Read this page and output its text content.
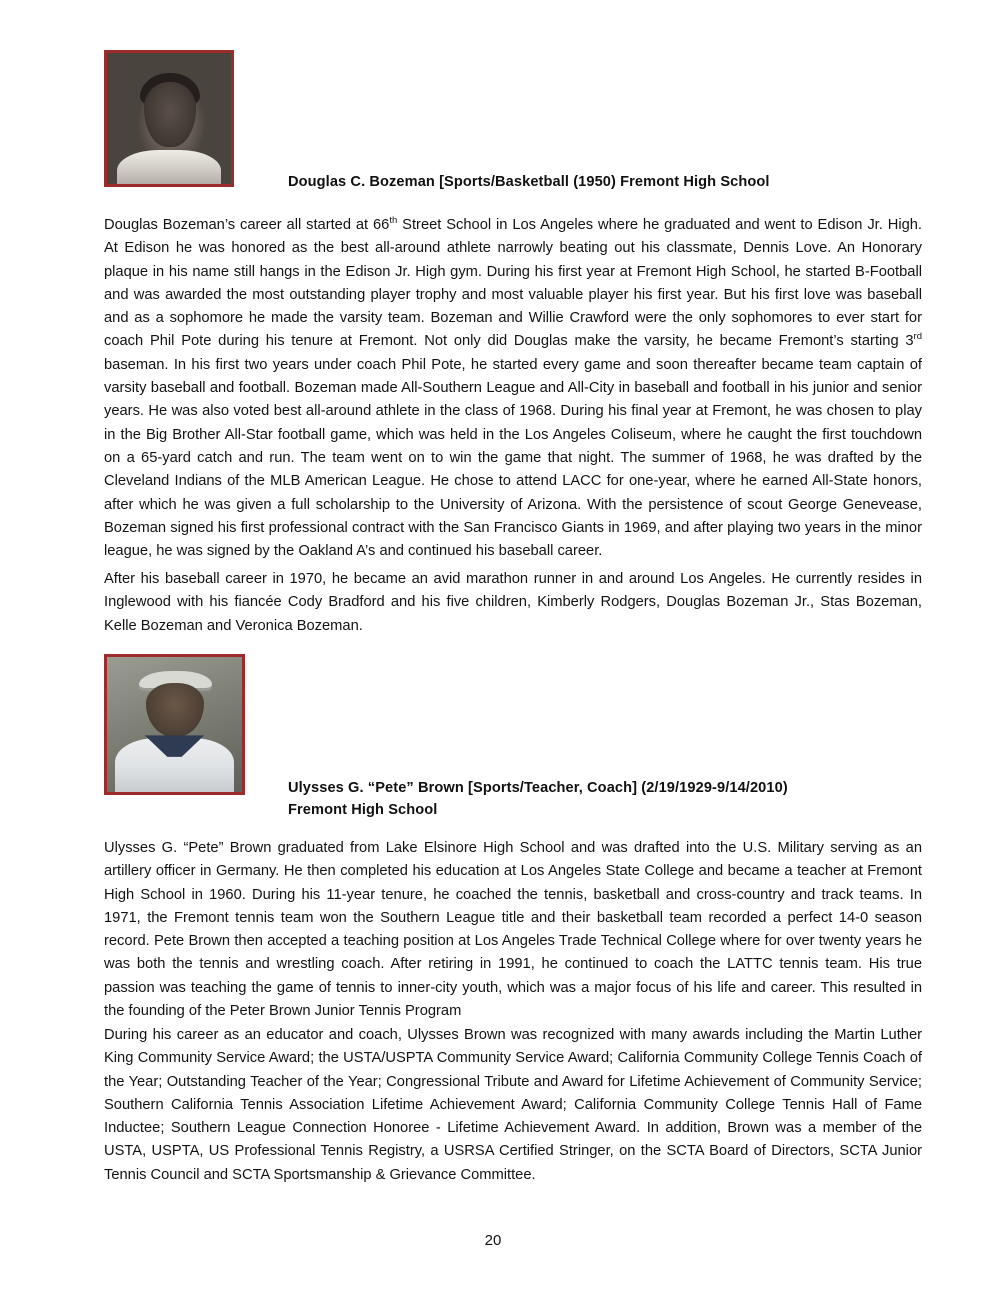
Douglas C. Bozeman [Sports/Basketball (1950) Fremont High School
Douglas Bozeman’s career all started at 66th Street School in Los Angeles where he graduated and went to Edison Jr. High. At Edison he was honored as the best all-around athlete narrowly beating out his classmate, Dennis Love. An Honorary plaque in his name still hangs in the Edison Jr. High gym. During his first year at Fremont High School, he started B-Football and was awarded the most outstanding player trophy and most valuable player his first year. But his first love was baseball and as a sophomore he made the varsity team. Bozeman and Willie Crawford were the only sophomores to ever start for coach Phil Pote during his tenure at Fremont. Not only did Douglas make the varsity, he became Fremont’s starting 3rd baseman. In his first two years under coach Phil Pote, he started every game and soon thereafter became team captain of varsity baseball and football. Bozeman made All-Southern League and All-City in baseball and football in his junior and senior years. He was also voted best all-around athlete in the class of 1968. During his final year at Fremont, he was chosen to play in the Big Brother All-Star football game, which was held in the Los Angeles Coliseum, where he caught the first touchdown on a 65-yard catch and run. The team went on to win the game that night. The summer of 1968, he was drafted by the Cleveland Indians of the MLB American League. He chose to attend LACC for one-year, where he earned All-State honors, after which he was given a full scholarship to the University of Arizona. With the persistence of scout George Genevease, Bozeman signed his first professional contract with the San Francisco Giants in 1969, and after playing two years in the minor league, he was signed by the Oakland A’s and continued his baseball career.
After his baseball career in 1970, he became an avid marathon runner in and around Los Angeles. He currently resides in Inglewood with his fiancée Cody Bradford and his five children, Kimberly Rodgers, Douglas Bozeman Jr., Stas Bozeman, Kelle Bozeman and Veronica Bozeman.
Ulysses G. “Pete” Brown [Sports/Teacher, Coach] (2/19/1929-9/14/2010)
Fremont High School
Ulysses G. “Pete” Brown graduated from Lake Elsinore High School and was drafted into the U.S. Military serving as an artillery officer in Germany. He then completed his education at Los Angeles State College and became a teacher at Fremont High School in 1960. During his 11-year tenure, he coached the tennis, basketball and cross-country and track teams. In 1971, the Fremont tennis team won the Southern League title and their basketball team recorded a perfect 14-0 season record. Pete Brown then accepted a teaching position at Los Angeles Trade Technical College where for over twenty years he was both the tennis and wrestling coach. After retiring in 1991, he continued to coach the LATTC tennis team. His true passion was teaching the game of tennis to inner-city youth, which was a major focus of his life and career. This resulted in the founding of the Peter Brown Junior Tennis Program
During his career as an educator and coach, Ulysses Brown was recognized with many awards including the Martin Luther King Community Service Award; the USTA/USPTA Community Service Award; California Community College Tennis Coach of the Year; Outstanding Teacher of the Year; Congressional Tribute and Award for Lifetime Achievement of Community Service; Southern California Tennis Association Lifetime Achievement Award; California Community College Tennis Hall of Fame Inductee; Southern League Connection Honoree - Lifetime Achievement Award. In addition, Brown was a member of the USTA, USPTA, US Professional Tennis Registry, a USRSA Certified Stringer, on the SCTA Board of Directors, SCTA Junior Tennis Council and SCTA Sportsmanship & Grievance Committee.
20
